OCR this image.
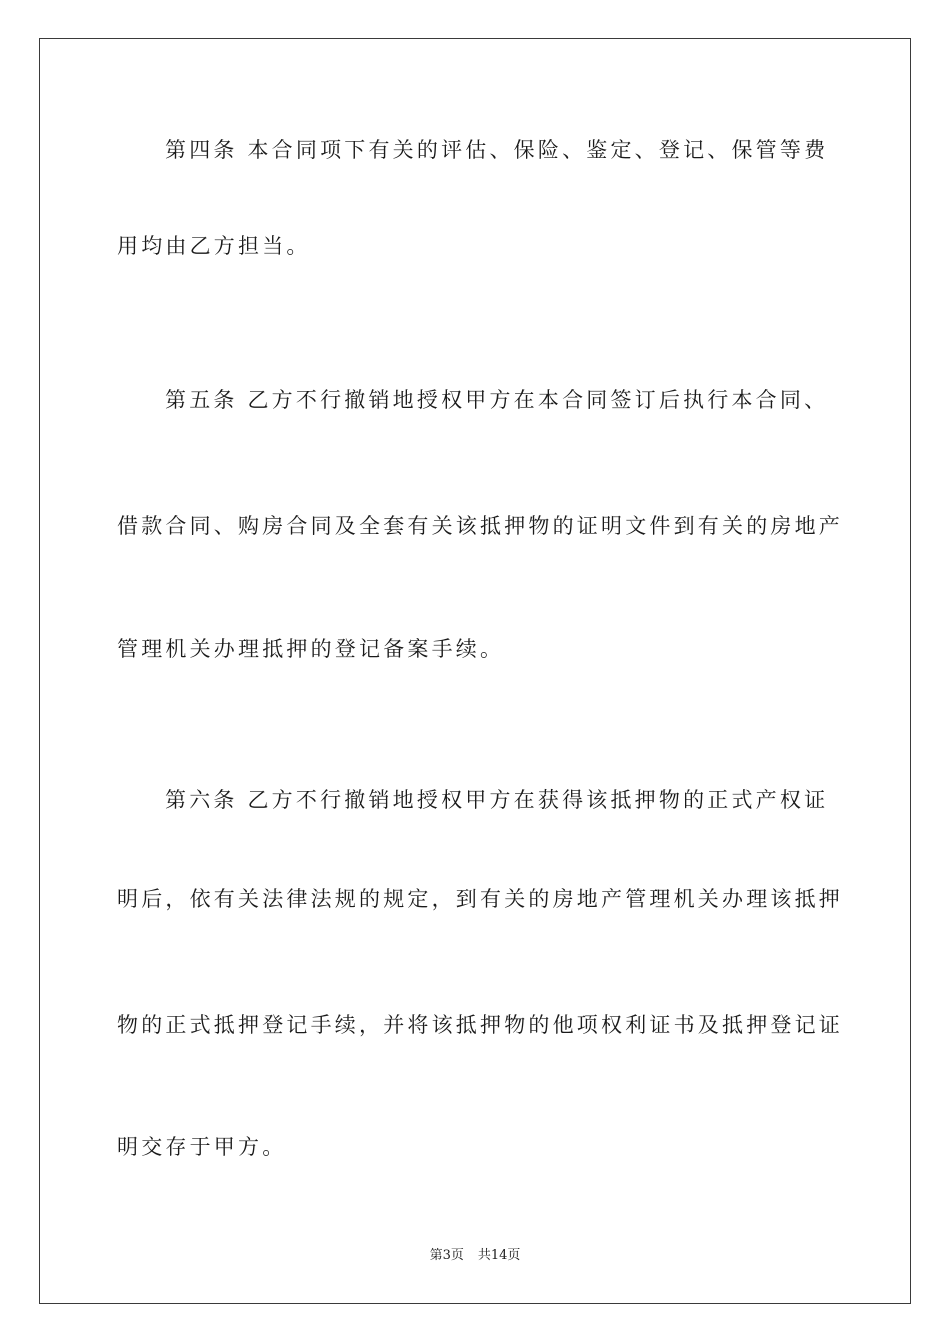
第四条 本合同项下有关的评估、保险、鉴定、登记、保管等费
用均由乙方担当。
第五条 乙方不行撤销地授权甲方在本合同签订后执行本合同、
借款合同、购房合同及全套有关该抵押物的证明文件到有关的房地产
管理机关办理抵押的登记备案手续。
第六条 乙方不行撤销地授权甲方在获得该抵押物的正式产权证
明后，依有关法律法规的规定，到有关的房地产管理机关办理该抵押
物的正式抵押登记手续，并将该抵押物的他项权利证书及抵押登记证
明交存于甲方。
第3页 共14页
